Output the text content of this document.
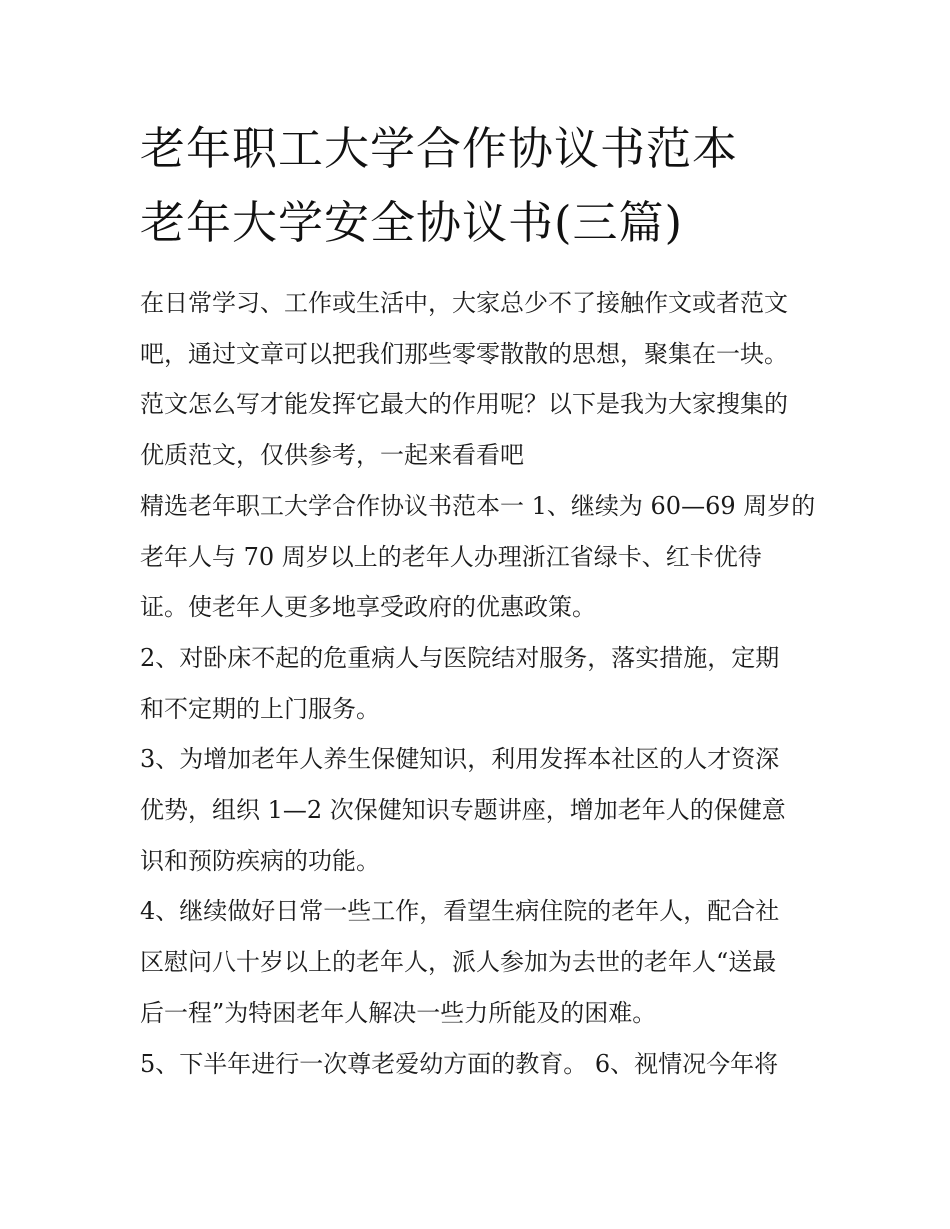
老年职工大学合作协议书范本
老年大学安全协议书(三篇)
在日常学习、工作或生活中，大家总少不了接触作文或者范文
吧，通过文章可以把我们那些零零散散的思想，聚集在一块。
范文怎么写才能发挥它最大的作用呢？以下是我为大家搜集的
优质范文，仅供参考，一起来看看吧
精选老年职工大学合作协议书范本一 1、继续为 60—69 周岁的
老年人与 70 周岁以上的老年人办理浙江省绿卡、红卡优待
证。使老年人更多地享受政府的优惠政策。
2、对卧床不起的危重病人与医院结对服务，落实措施，定期
和不定期的上门服务。
3、为增加老年人养生保健知识，利用发挥本社区的人才资深
优势，组织 1—2 次保健知识专题讲座，增加老年人的保健意
识和预防疾病的功能。
4、继续做好日常一些工作，看望生病住院的老年人，配合社
区慰问八十岁以上的老年人，派人参加为去世的老年人“送最
后一程”为特困老年人解决一些力所能及的困难。
5、下半年进行一次尊老爱幼方面的教育。 6、视情况今年将
